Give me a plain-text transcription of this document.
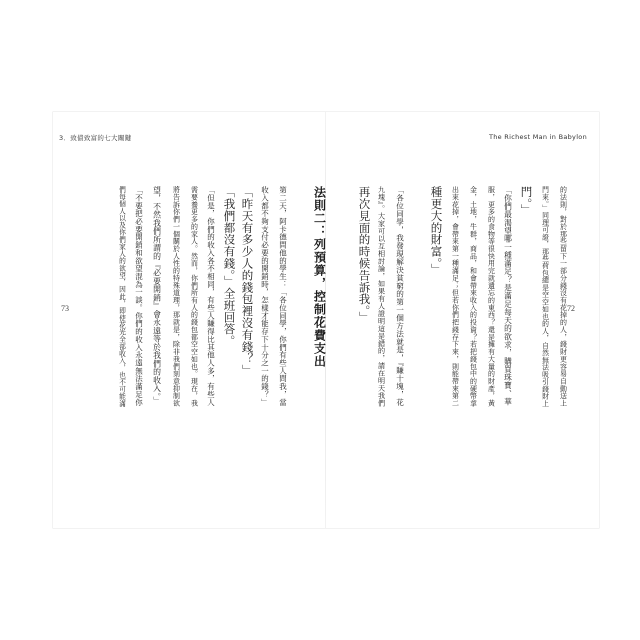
3．致債致富的七大關鍵	The Richest Man in Babylon
法則二：列預算，控制花費支出
第二天，阿卡德問他的學生：「各位同學，你們有些人問我，當
收入都不夠支付必要的開銷時，怎樣才能存下十分之一的錢？」
「昨天有多少人的錢包裡沒有錢？」
「我們都沒有錢。」全班回答。
「但是，你們的收入各不相同，有些人賺得比其他人多，有些人
需要養更多的家人。然而，你們所有人的錢包都空空如也。現在，我
將告訴你們一個關於人性的特殊道理，那就是，除非我們刻意抑制欲
望，不然我們所謂的『必要開銷』會永遠等於我們的收入。」
「不要把必要開銷和欲望混為一談。你們的收入永遠無法滿足你
們每個人以及你們家人的欲望，因此，即使花光全部收入，也不可能滿	的法則，對於那些留下一部分錢沒有花掉的人，錢財更容易自動送上
門來。」同理可證，那些荷包總是空空如也的人，自然無法吸引錢財上
門。」
「你們最渴望哪一種滿足？是滿足每天的欲求，購買珠寶、華
服，更多的食物等很快用完就遺忘的東西？還是擁有大量的財產，黃
金，土地，牛群，商品，和會帶來收入的投資？若把錢包中的硬幣拿
出來花掉，會帶來第一種滿足；但若你們把錢存下來，則能帶來第二
種更大的財富。」
「各位同學，我發現解決貧窮的第一個方法就是，『賺十塊，花
九塊』。大家可以互相討論，如果有人證明這是錯的，請在明天我們
再次見面的時候告訴我。」
73	72
